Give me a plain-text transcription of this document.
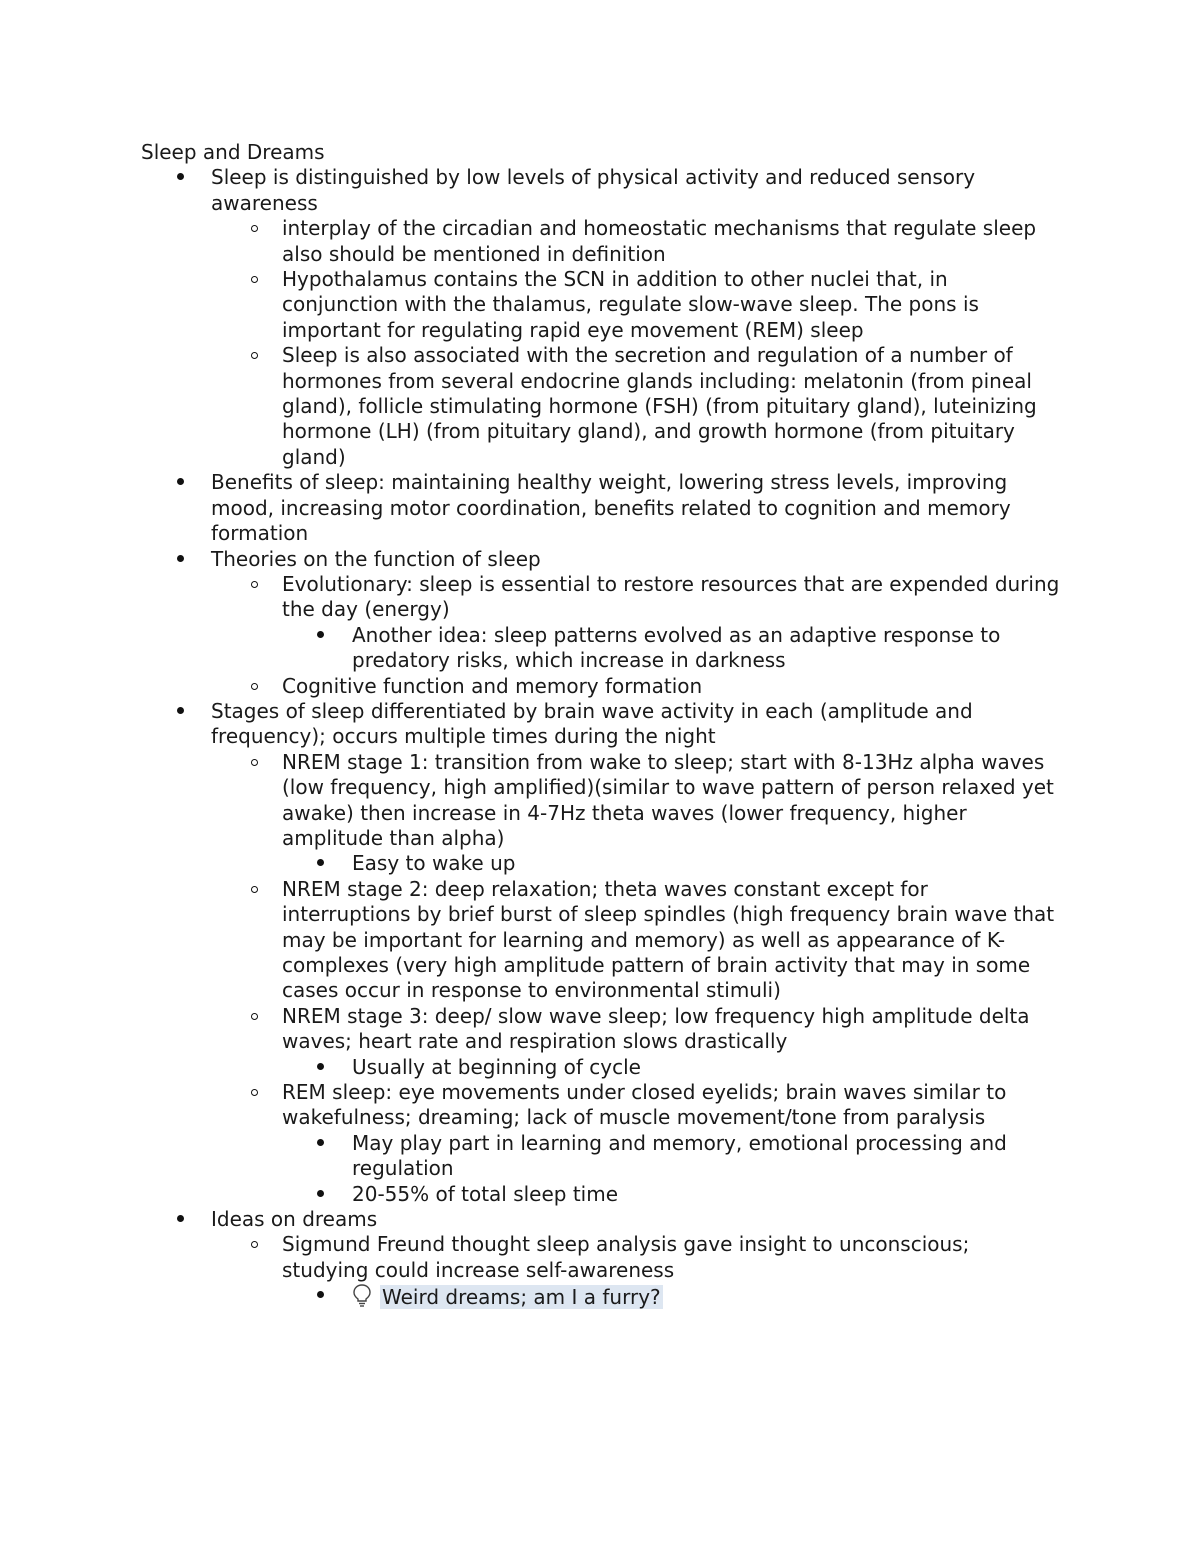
Sleep and Dreams
Sleep is distinguished by low levels of physical activity and reduced sensory awareness
interplay of the circadian and homeostatic mechanisms that regulate sleep also should be mentioned in definition
Hypothalamus contains the SCN in addition to other nuclei that, in conjunction with the thalamus, regulate slow-wave sleep. The pons is important for regulating rapid eye movement (REM) sleep
Sleep is also associated with the secretion and regulation of a number of hormones from several endocrine glands including: melatonin (from pineal gland), follicle stimulating hormone (FSH) (from pituitary gland), luteinizing hormone (LH) (from pituitary gland), and growth hormone (from pituitary gland)
Benefits of sleep: maintaining healthy weight, lowering stress levels, improving mood, increasing motor coordination, benefits related to cognition and memory formation
Theories on the function of sleep
Evolutionary: sleep is essential to restore resources that are expended during the day (energy)
Another idea: sleep patterns evolved as an adaptive response to predatory risks, which increase in darkness
Cognitive function and memory formation
Stages of sleep differentiated by brain wave activity in each (amplitude and frequency); occurs multiple times during the night
NREM stage 1: transition from wake to sleep; start with 8-13Hz alpha waves (low frequency, high amplified)(similar to wave pattern of person relaxed yet awake) then increase in 4-7Hz theta waves (lower frequency, higher amplitude than alpha)
Easy to wake up
NREM stage 2: deep relaxation; theta waves constant except for interruptions by brief burst of sleep spindles (high frequency brain wave that may be important for learning and memory) as well as appearance of K-complexes (very high amplitude pattern of brain activity that may in some cases occur in response to environmental stimuli)
NREM stage 3: deep/ slow wave sleep; low frequency high amplitude delta waves; heart rate and respiration slows drastically
Usually at beginning of cycle
REM sleep: eye movements under closed eyelids; brain waves similar to wakefulness; dreaming; lack of muscle movement/tone from paralysis
May play part in learning and memory, emotional processing and regulation
20-55% of total sleep time
Ideas on dreams
Sigmund Freund thought sleep analysis gave insight to unconscious; studying could increase self-awareness
Weird dreams; am I a furry?
